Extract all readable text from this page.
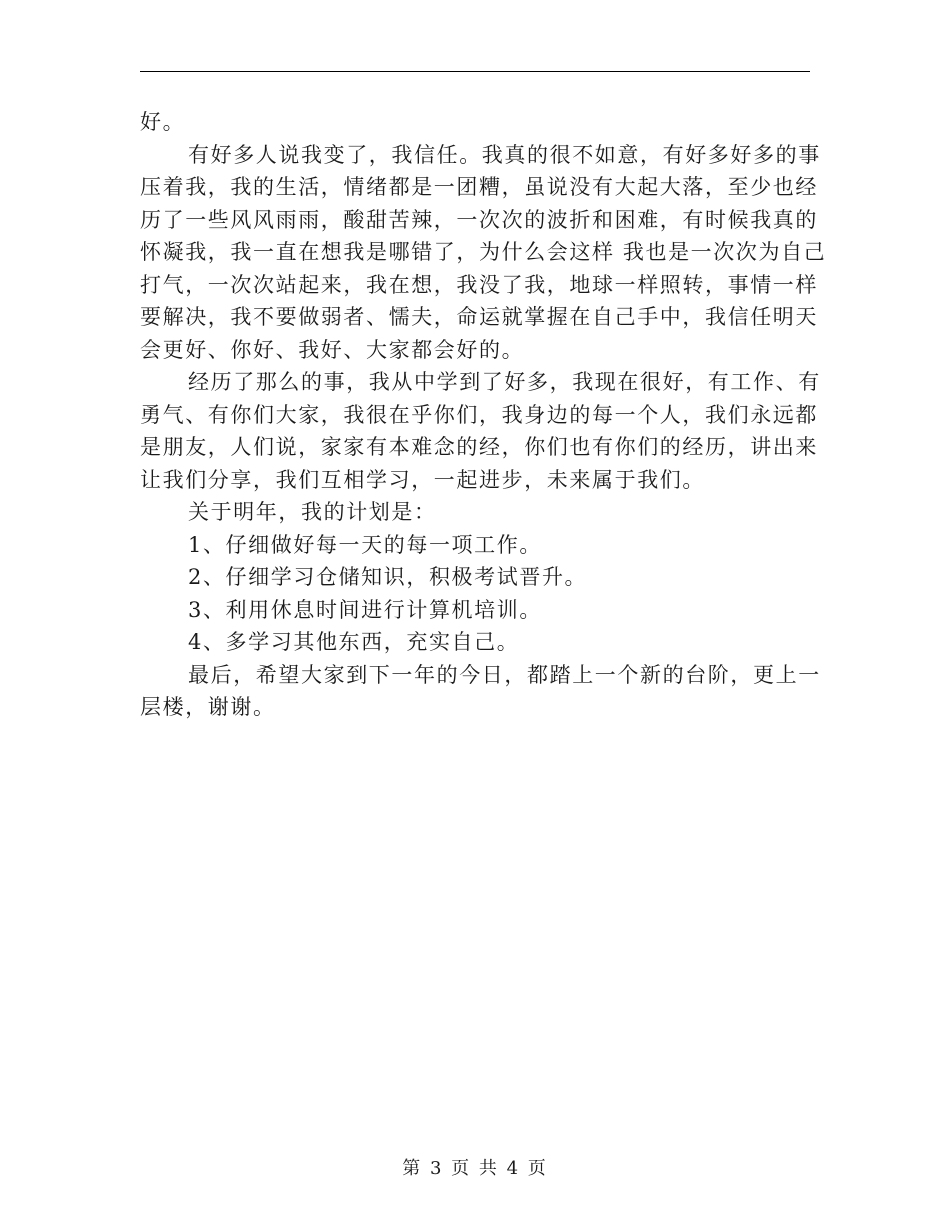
好。

有好多人说我变了，我信任。我真的很不如意，有好多好多的事
压着我，我的生活，情绪都是一团糟，虽说没有大起大落，至少也经
历了一些风风雨雨，酸甜苦辣，一次次的波折和困难，有时候我真的
怀凝我，我一直在想我是哪错了，为什么会这样 我也是一次次为自己
打气，一次次站起来，我在想，我没了我，地球一样照转，事情一样
要解决，我不要做弱者、懦夫，命运就掌握在自己手中，我信任明天
会更好、你好、我好、大家都会好的。

经历了那么的事，我从中学到了好多，我现在很好，有工作、有
勇气、有你们大家，我很在乎你们，我身边的每一个人，我们永远都
是朋友，人们说，家家有本难念的经，你们也有你们的经历，讲出来
让我们分享，我们互相学习，一起进步，未来属于我们。

关于明年，我的计划是：

1、仔细做好每一天的每一项工作。

2、仔细学习仓储知识，积极考试晋升。

3、利用休息时间进行计算机培训。

4、多学习其他东西，充实自己。

最后，希望大家到下一年的今日，都踏上一个新的台阶，更上一
层楼，谢谢。

第 3 页 共 4 页
